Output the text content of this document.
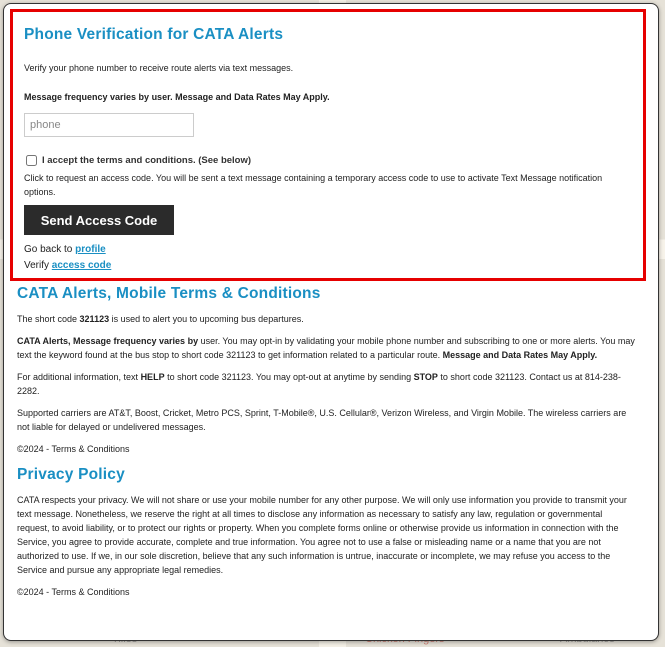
Phone Verification for CATA Alerts

Verify your phone number to receive route alerts via text messages.

Message frequency varies by user. Message and Data Rates May Apply.

phone
I accept the terms and conditions. (See below)

Click to request an access code. You will be sent a text message containing a temporary access code to use to activate Text Message notification options.

Send Access Code
Go back to profile
Verify access code
CATA Alerts, Mobile Terms & Conditions

The short code 321123 is used to alert you to upcoming bus departures.

CATA Alerts, Message frequency varies by user. You may opt-in by validating your mobile phone number and subscribing to one or more alerts. You may text the keyword found at the bus stop to short code 321123 to get information related to a particular route. Message and Data Rates May Apply.

For additional information, text HELP to short code 321123. You may opt-out at anytime by sending STOP to short code 321123. Contact us at 814-238-2282.

Supported carriers are AT&T, Boost, Cricket, Metro PCS, Sprint, T-Mobile®, U.S. Cellular®, Verizon Wireless, and Virgin Mobile. The wireless carriers are not liable for delayed or undelivered messages.

©2024 - Terms & Conditions

Privacy Policy

CATA respects your privacy. We will not share or use your mobile number for any other purpose. We will only use information you provide to transmit your text message. Nonetheless, we reserve the right at all times to disclose any information as necessary to satisfy any law, regulation or governmental request, to avoid liability, or to protect our rights or property. When you complete forms online or otherwise provide us information in connection with the Service, you agree to provide accurate, complete and true information. You agree not to use a false or misleading name or a name that you are not authorized to use. If we, in our sole discretion, believe that any such information is untrue, inaccurate or incomplete, we may refuse you access to the Service and pursue any appropriate legal remedies.

©2024 - Terms & Conditions
